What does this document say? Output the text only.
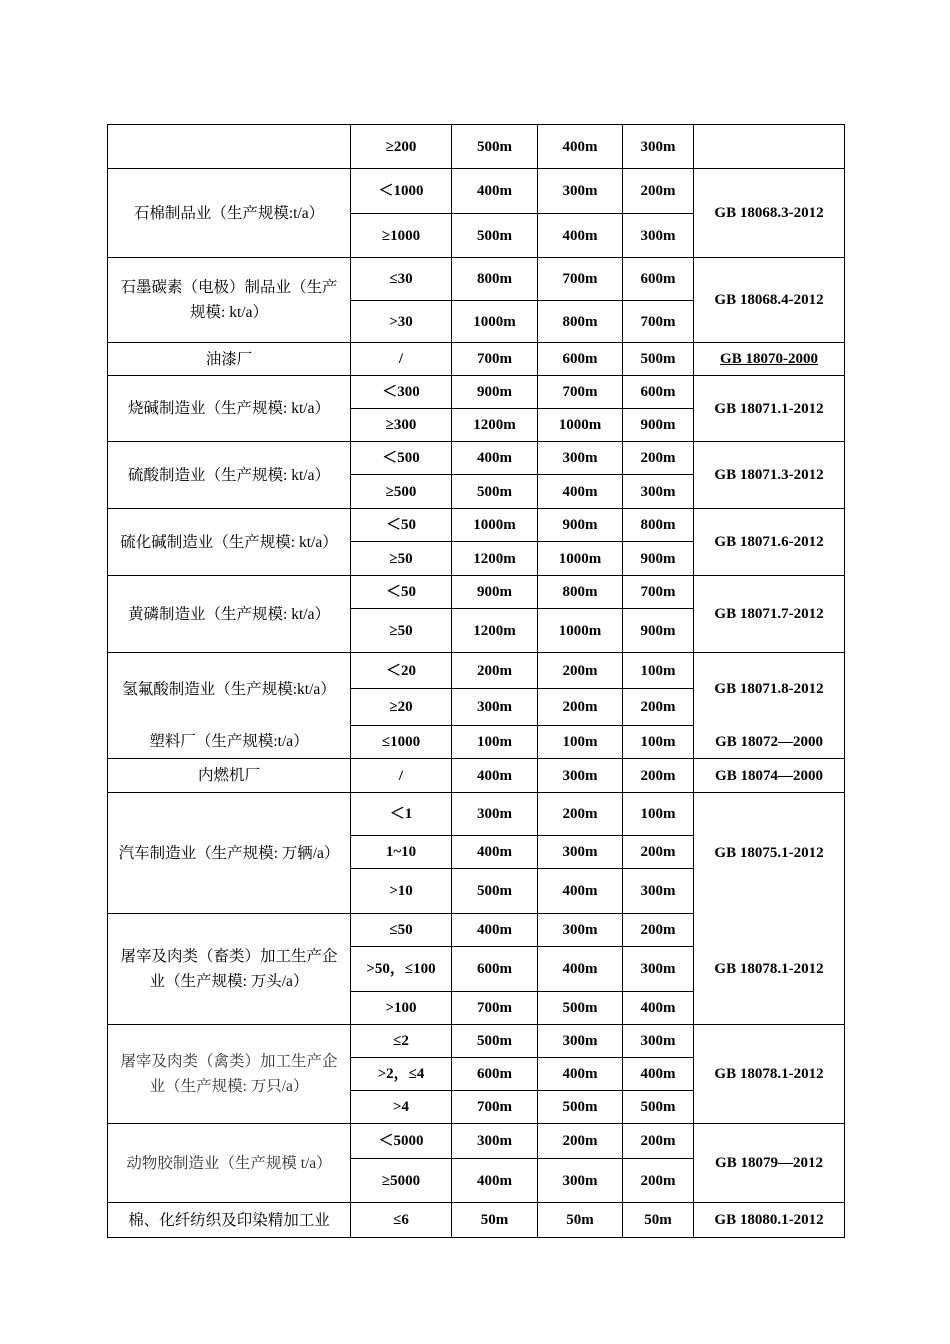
	≥200	500m	400m	300m	
石棉制品业（生产规模:t/a）	＜1000	400m	300m	200m	GB 18068.3-2012
	≥1000	500m	400m	300m	
石墨碳素（电极）制品业（生产规模: kt/a）	≤30	800m	700m	600m	GB 18068.4-2012
	>30	1000m	800m	700m	
油漆厂	/	700m	600m	500m	GB 18070-2000
烧碱制造业（生产规模: kt/a）	＜300	900m	700m	600m	GB 18071.1-2012
	≥300	1200m	1000m	900m	
硫酸制造业（生产规模: kt/a）	＜500	400m	300m	200m	GB 18071.3-2012
	≥500	500m	400m	300m	
硫化碱制造业（生产规模: kt/a）	＜50	1000m	900m	800m	GB 18071.6-2012
	≥50	1200m	1000m	900m	
黄磷制造业（生产规模: kt/a）	＜50	900m	800m	700m	GB 18071.7-2012
	≥50	1200m	1000m	900m	
氢氟酸制造业（生产规模:kt/a）	＜20	200m	200m	100m	GB 18071.8-2012
	≥20	300m	200m	200m	
塑料厂（生产规模:t/a）	≤1000	100m	100m	100m	GB 18072—2000
内燃机厂	/	400m	300m	200m	GB 18074—2000
汽车制造业（生产规模: 万辆/a）	＜1	300m	200m	100m	GB 18075.1-2012
	1~10	400m	300m	200m	
	>10	500m	400m	300m	
屠宰及肉类（畜类）加工生产企业（生产规模: 万头/a）	≤50	400m	300m	200m	GB 18078.1-2012
	>50，≤100	600m	400m	300m	
	>100	700m	500m	400m	
屠宰及肉类（禽类）加工生产企业（生产规模: 万只/a）	≤2	500m	300m	300m	GB 18078.1-2012
	>2，≤4	600m	400m	400m	
	>4	700m	500m	500m	
动物胶制造业（生产规模 t/a）	＜5000	300m	200m	200m	GB 18079—2012
	≥5000	400m	300m	200m	
棉、化纤纺织及印染精加工业	≤6	50m	50m	50m	GB 18080.1-2012
